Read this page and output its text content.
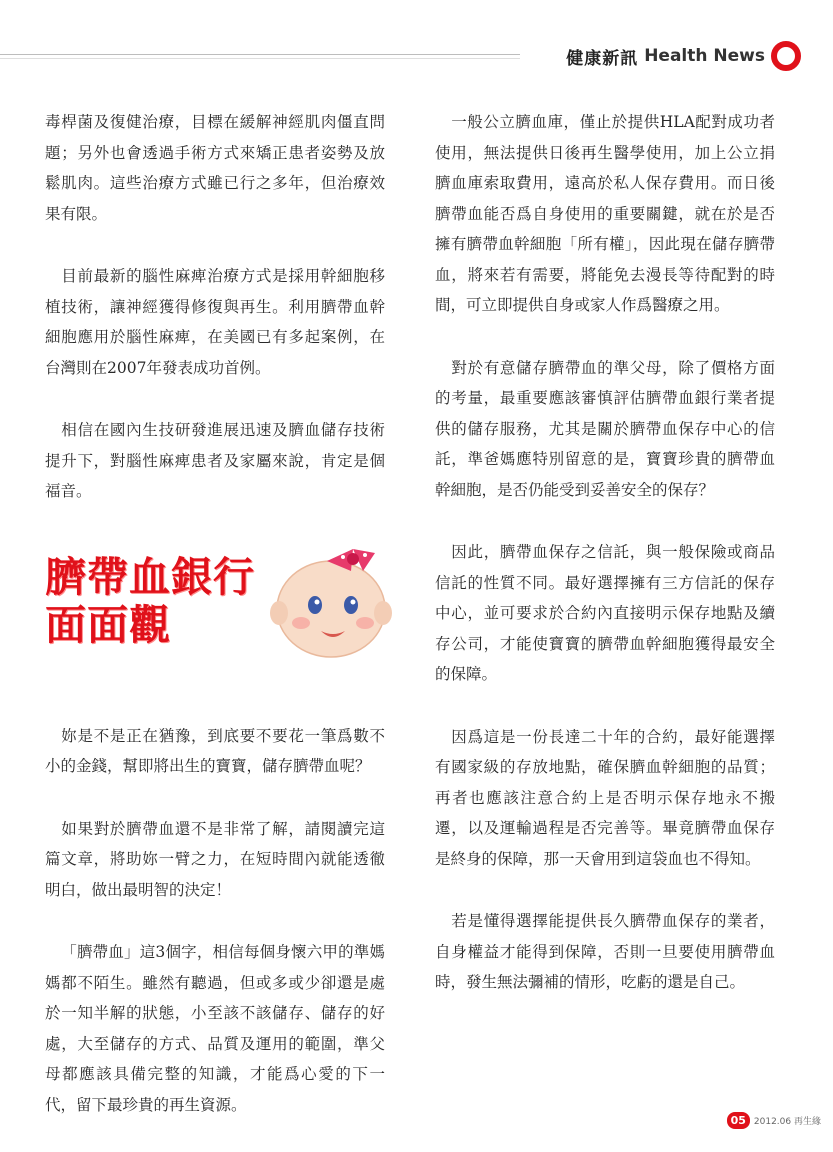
健康新訊 Health News

毒桿菌及復健治療，目標在緩解神經肌肉僵直問題；另外也會透過手術方式來矯正患者姿勢及放鬆肌肉。這些治療方式雖已行之多年，但治療效果有限。

目前最新的腦性麻痺治療方式是採用幹細胞移植技術，讓神經獲得修復與再生。利用臍帶血幹細胞應用於腦性麻痺，在美國已有多起案例，在台灣則在2007年發表成功首例。

相信在國內生技研發進展迅速及臍血儲存技術提升下，對腦性麻痺患者及家屬來說，肯定是個福音。

臍帶血銀行
面面觀

妳是不是正在猶豫，到底要不要花一筆爲數不小的金錢，幫即將出生的寶寶，儲存臍帶血呢？

如果對於臍帶血還不是非常了解，請閱讀完這篇文章，將助妳一臂之力，在短時間內就能透徹明白，做出最明智的決定！

「臍帶血」這3個字，相信每個身懷六甲的準媽媽都不陌生。雖然有聽過，但或多或少卻還是處於一知半解的狀態，小至該不該儲存、儲存的好處，大至儲存的方式、品質及運用的範圍，準父母都應該具備完整的知識，才能爲心愛的下一代，留下最珍貴的再生資源。

一般公立臍血庫，僅止於提供HLA配對成功者使用，無法提供日後再生醫學使用，加上公立捐臍血庫索取費用，遠高於私人保存費用。而日後臍帶血能否爲自身使用的重要關鍵，就在於是否擁有臍帶血幹細胞「所有權」，因此現在儲存臍帶血，將來若有需要，將能免去漫長等待配對的時間，可立即提供自身或家人作爲醫療之用。

對於有意儲存臍帶血的準父母，除了價格方面的考量，最重要應該審慎評估臍帶血銀行業者提供的儲存服務，尤其是關於臍帶血保存中心的信託，準爸媽應特別留意的是，寶寶珍貴的臍帶血幹細胞，是否仍能受到妥善安全的保存？

因此，臍帶血保存之信託，與一般保險或商品信託的性質不同。最好選擇擁有三方信託的保存中心，並可要求於合約內直接明示保存地點及續存公司，才能使寶寶的臍帶血幹細胞獲得最安全的保障。

因爲這是一份長達二十年的合約，最好能選擇有國家級的存放地點，確保臍血幹細胞的品質；再者也應該注意合約上是否明示保存地永不搬遷，以及運輸過程是否完善等。畢竟臍帶血保存是終身的保障，那一天會用到這袋血也不得知。

若是懂得選擇能提供長久臍帶血保存的業者，自身權益才能得到保障，否則一旦要使用臍帶血時，發生無法彌補的情形，吃虧的還是自己。

05 2012.06 再生緣
